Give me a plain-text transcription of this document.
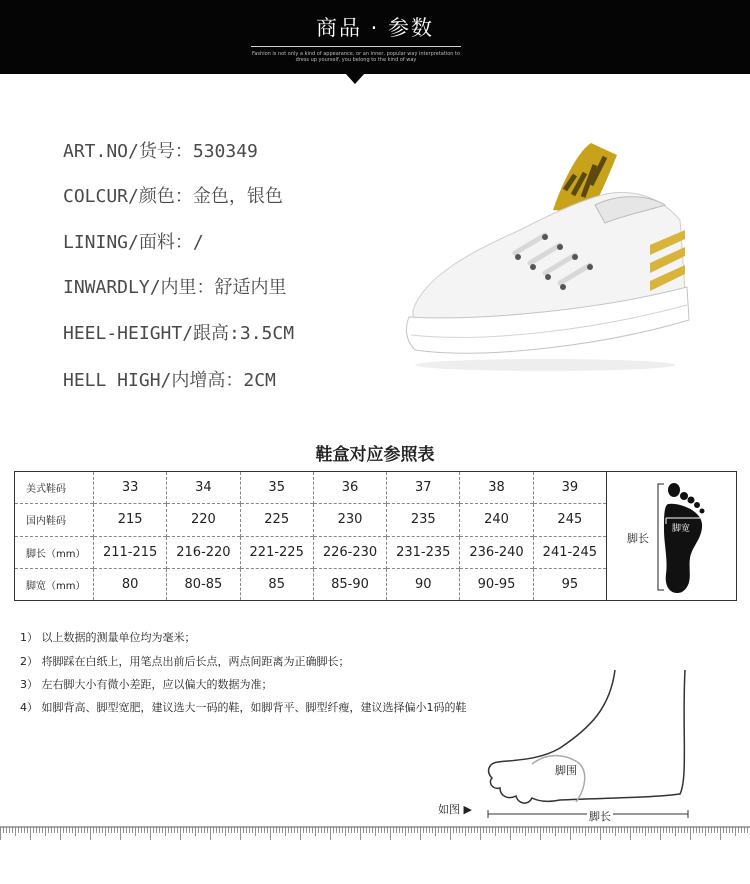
商品 · 参数
Fashion is not only a kind of appearance, or an inner, popular way interpretation to dress up yourself, you belong to the kind of way
ART.NO/货号：530349
COLCUR/颜色：金色，银色
LINING/面料：/
INWARDLY/内里：舒适内里
HEEL-HEIGHT/跟高:3.5CM
HELL HIGH/内增高：2CM
鞋盒对应参照表
美式鞋码	33	34	35	36	37	38	39
国内鞋码	215	220	225	230	235	240	245
脚长（mm）	211-215	216-220	221-225	226-230	231-235	236-240	241-245
脚宽（mm）	80	80-85	85	85-90	90	90-95	95
脚长
脚宽
1） 以上数据的测量单位均为毫米；
2） 将脚踩在白纸上，用笔点出前后长点，两点间距离为正确脚长；
3） 左右脚大小有微小差距，应以偏大的数据为准；
4） 如脚背高、脚型宽肥，建议选大一码的鞋，如脚背平、脚型纤瘦，建议选择偏小1码的鞋
脚围
脚长
如图 ▶
